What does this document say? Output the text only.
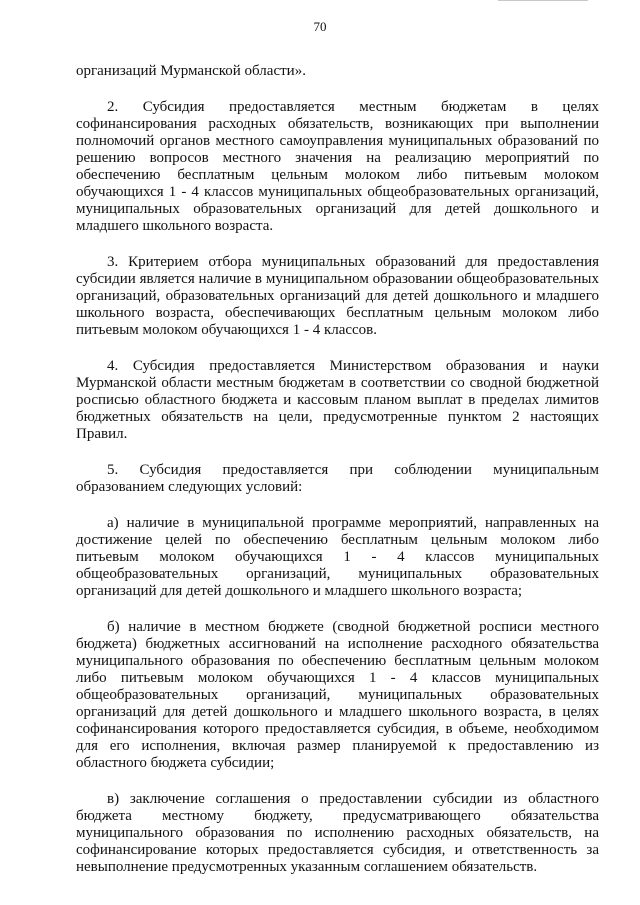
70

организаций Мурманской области».

2. Субсидия предоставляется местным бюджетам в целях софинансирования расходных обязательств, возникающих при выполнении полномочий органов местного самоуправления муниципальных образований по решению вопросов местного значения на реализацию мероприятий по обеспечению бесплатным цельным молоком либо питьевым молоком обучающихся 1 - 4 классов муниципальных общеобразовательных организаций, муниципальных образовательных организаций для детей дошкольного и младшего школьного возраста.

3. Критерием отбора муниципальных образований для предоставления субсидии является наличие в муниципальном образовании общеобразовательных организаций, образовательных организаций для детей дошкольного и младшего школьного возраста, обеспечивающих бесплатным цельным молоком либо питьевым молоком обучающихся 1 - 4 классов.

4. Субсидия предоставляется Министерством образования и науки Мурманской области местным бюджетам в соответствии со сводной бюджетной росписью областного бюджета и кассовым планом выплат в пределах лимитов бюджетных обязательств на цели, предусмотренные пунктом 2 настоящих Правил.

5. Субсидия предоставляется при соблюдении муниципальным образованием следующих условий:

а) наличие в муниципальной программе мероприятий, направленных на достижение целей по обеспечению бесплатным цельным молоком либо питьевым молоком обучающихся 1 - 4 классов муниципальных общеобразовательных организаций, муниципальных образовательных организаций для детей дошкольного и младшего школьного возраста;

б) наличие в местном бюджете (сводной бюджетной росписи местного бюджета) бюджетных ассигнований на исполнение расходного обязательства муниципального образования по обеспечению бесплатным цельным молоком либо питьевым молоком обучающихся 1 - 4 классов муниципальных общеобразовательных организаций, муниципальных образовательных организаций для детей дошкольного и младшего школьного возраста, в целях софинансирования которого предоставляется субсидия, в объеме, необходимом для его исполнения, включая размер планируемой к предоставлению из областного бюджета субсидии;

в) заключение соглашения о предоставлении субсидии из областного бюджета местному бюджету, предусматривающего обязательства муниципального образования по исполнению расходных обязательств, на софинансирование которых предоставляется субсидия, и ответственность за невыполнение предусмотренных указанным соглашением обязательств.
